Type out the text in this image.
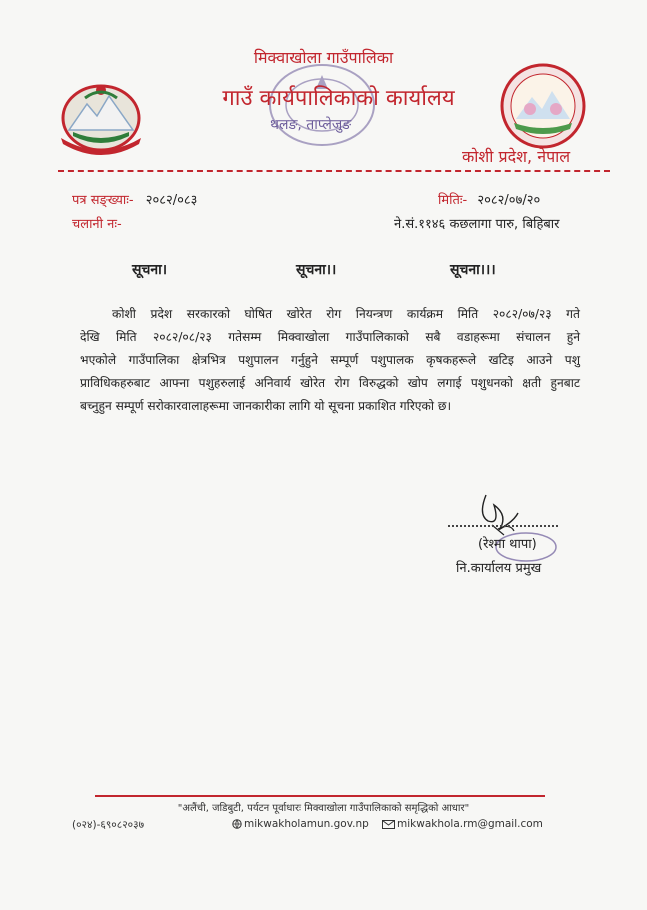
मिक्वाखोला गाउँपालिका
गाउँ कार्यपालिकाको कार्यालय
थलङ, ताप्लेजुङ
कोशी प्रदेश, नेपाल
पत्र सङ्ख्याः- २०८२/०८३
चलानी नः-
मितिः- २०८२/०७/२०
ने.सं.११४६ कछलागा पारु, बिहिबार
सूचना।	सूचना।।	सूचना।।।
कोशी प्रदेश सरकारको घोषित खोरेत रोग नियन्त्रण कार्यक्रम मिति २०८२/०७/२३ गते
देखि मिति २०८२/०८/२३ गतेसम्म मिक्वाखोला गाउँपालिकाको सबै वडाहरूमा संचालन हुने
भएकोले गाउँपालिका क्षेत्रभित्र पशुपालन गर्नुहुने सम्पूर्ण पशुपालक कृषकहरूले खटिइ आउने पशु
प्राविधिकहरुबाट आफ्ना पशुहरुलाई अनिवार्य खोरेत रोग विरुद्धको खोप लगाई पशुधनको क्षती हुनबाट
बच्नुहुन सम्पूर्ण सरोकारवालाहरूमा जानकारीका लागि यो सूचना प्रकाशित गरिएको छ।
(रेश्मा थापा)
नि.कार्यालय प्रमुख
"अलैंची, जडिबुटी, पर्यटन पूर्वाधारः मिक्वाखोला गाउँपालिकाको समृद्धिको आधार"
(०२४)-६९०८२०३७	mikwakholamun.gov.np	mikwakhola.rm@gmail.com
